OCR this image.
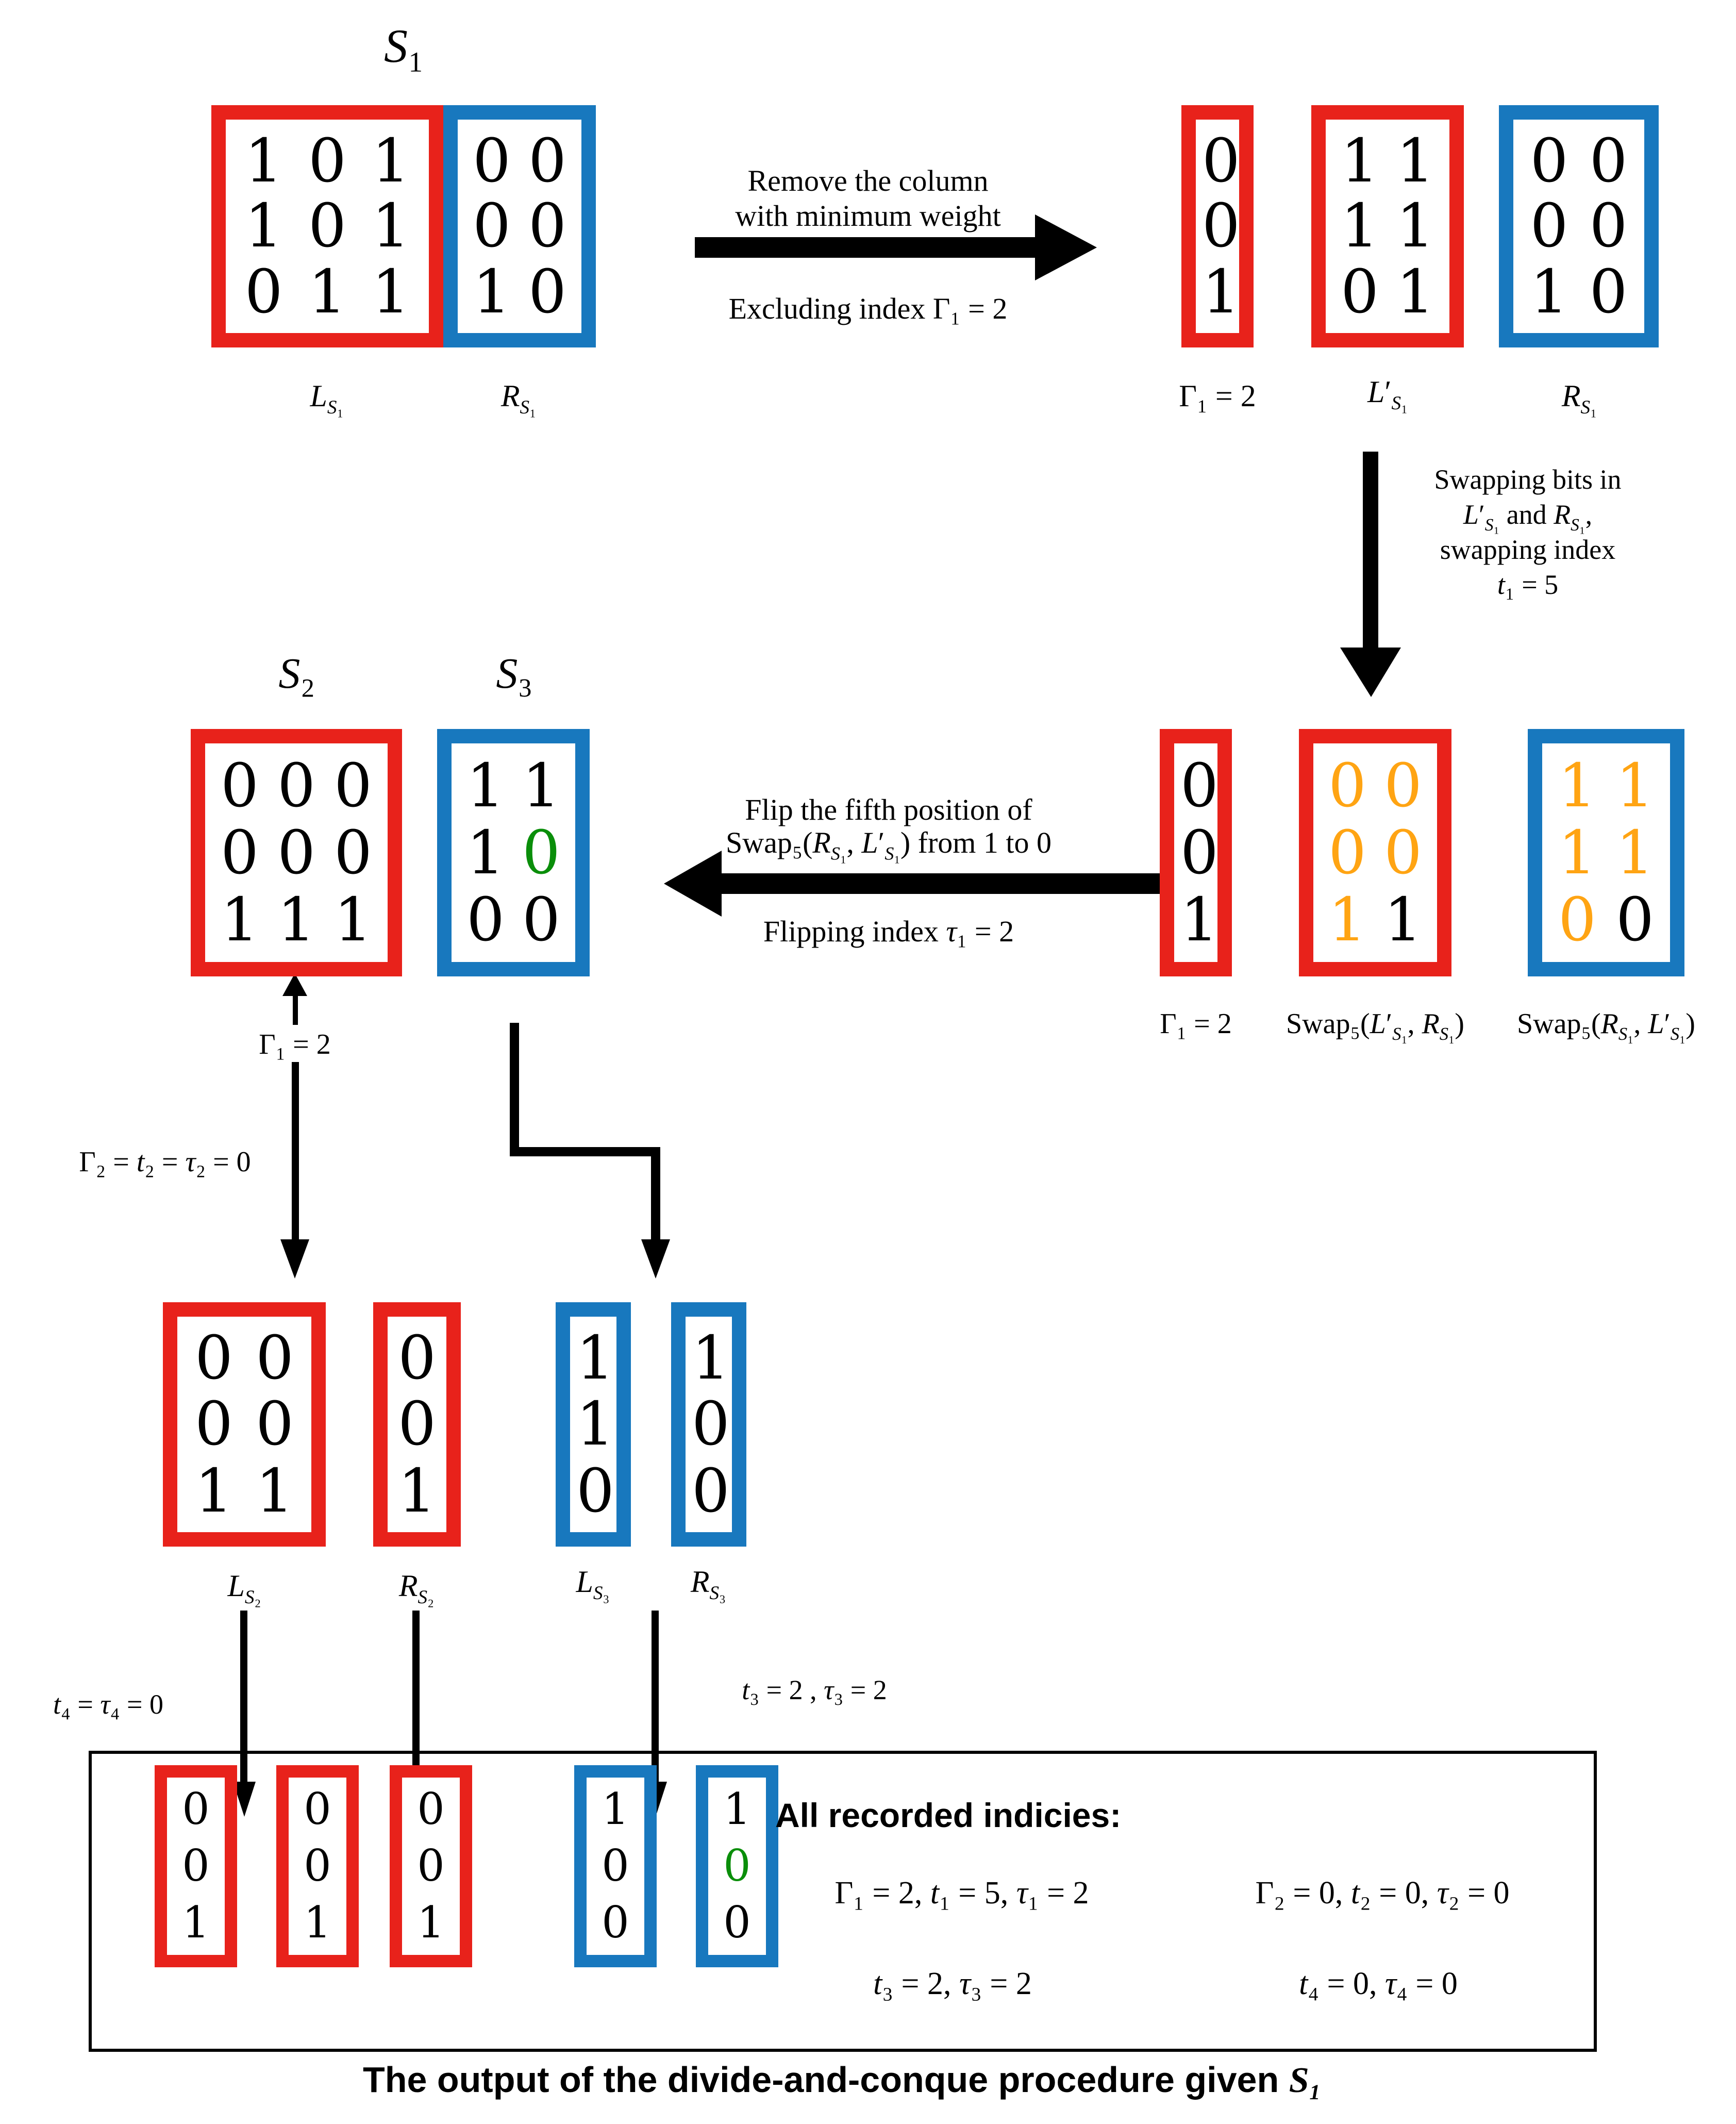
S₁
1 0 1
1 0 1
0 1 1
0 0
0 0
1 0
$L_{S_1}$	$R_{S_1}$
Remove the column
with minimum weight
Excluding index Γ₁ = 2
0
0
1
1 1
1 1
0 1
0 0
0 0
1 0
Γ₁ = 2	$L'_{S_1}$	$R_{S_1}$
Swapping bits in
$L'_{S_1}$ and $R_{S_1}$,
swapping index
t₁ = 5
S₂	S₃
0 0 0
0 0 0
1 1 1
1 1
1 0
0 0
Γ₁ = 2
Flip the fifth position of
$Swap_5(R_{S_1}$, $L'_{S_1}$) from 1 to 0
Flipping index τ₁ = 2
0
0
1
0 0
0 0
1 1
1 1
1 1
0 0
Γ₁ = 2	$Swap_5(L'_{S_1}$, $R_{S_1}$)	$Swap_5(R_{S_1}$, $L'_{S_1}$)
Γ₂ = t₂ = τ₂ = 0
0 0
0 0
1 1
0
0
1
1
1
0
1
0
0
$L_{S_2}$	$R_{S_2}$	$L_{S_3}$	$R_{S_3}$
t₄ = τ₄ = 0	t₃ = 2 , τ₃ = 2
0
0
1
0
0
1
0
0
1
1
0
0
1
0
0
All recorded indicies:
Γ₁ = 2, t₁ = 5, τ₁ = 2	Γ₂ = 0, t₂ = 0, τ₂ = 0
t₃ = 2, τ₃ = 2	t₄ = 0, τ₄ = 0
The output of the divide-and-conque procedure given S₁
